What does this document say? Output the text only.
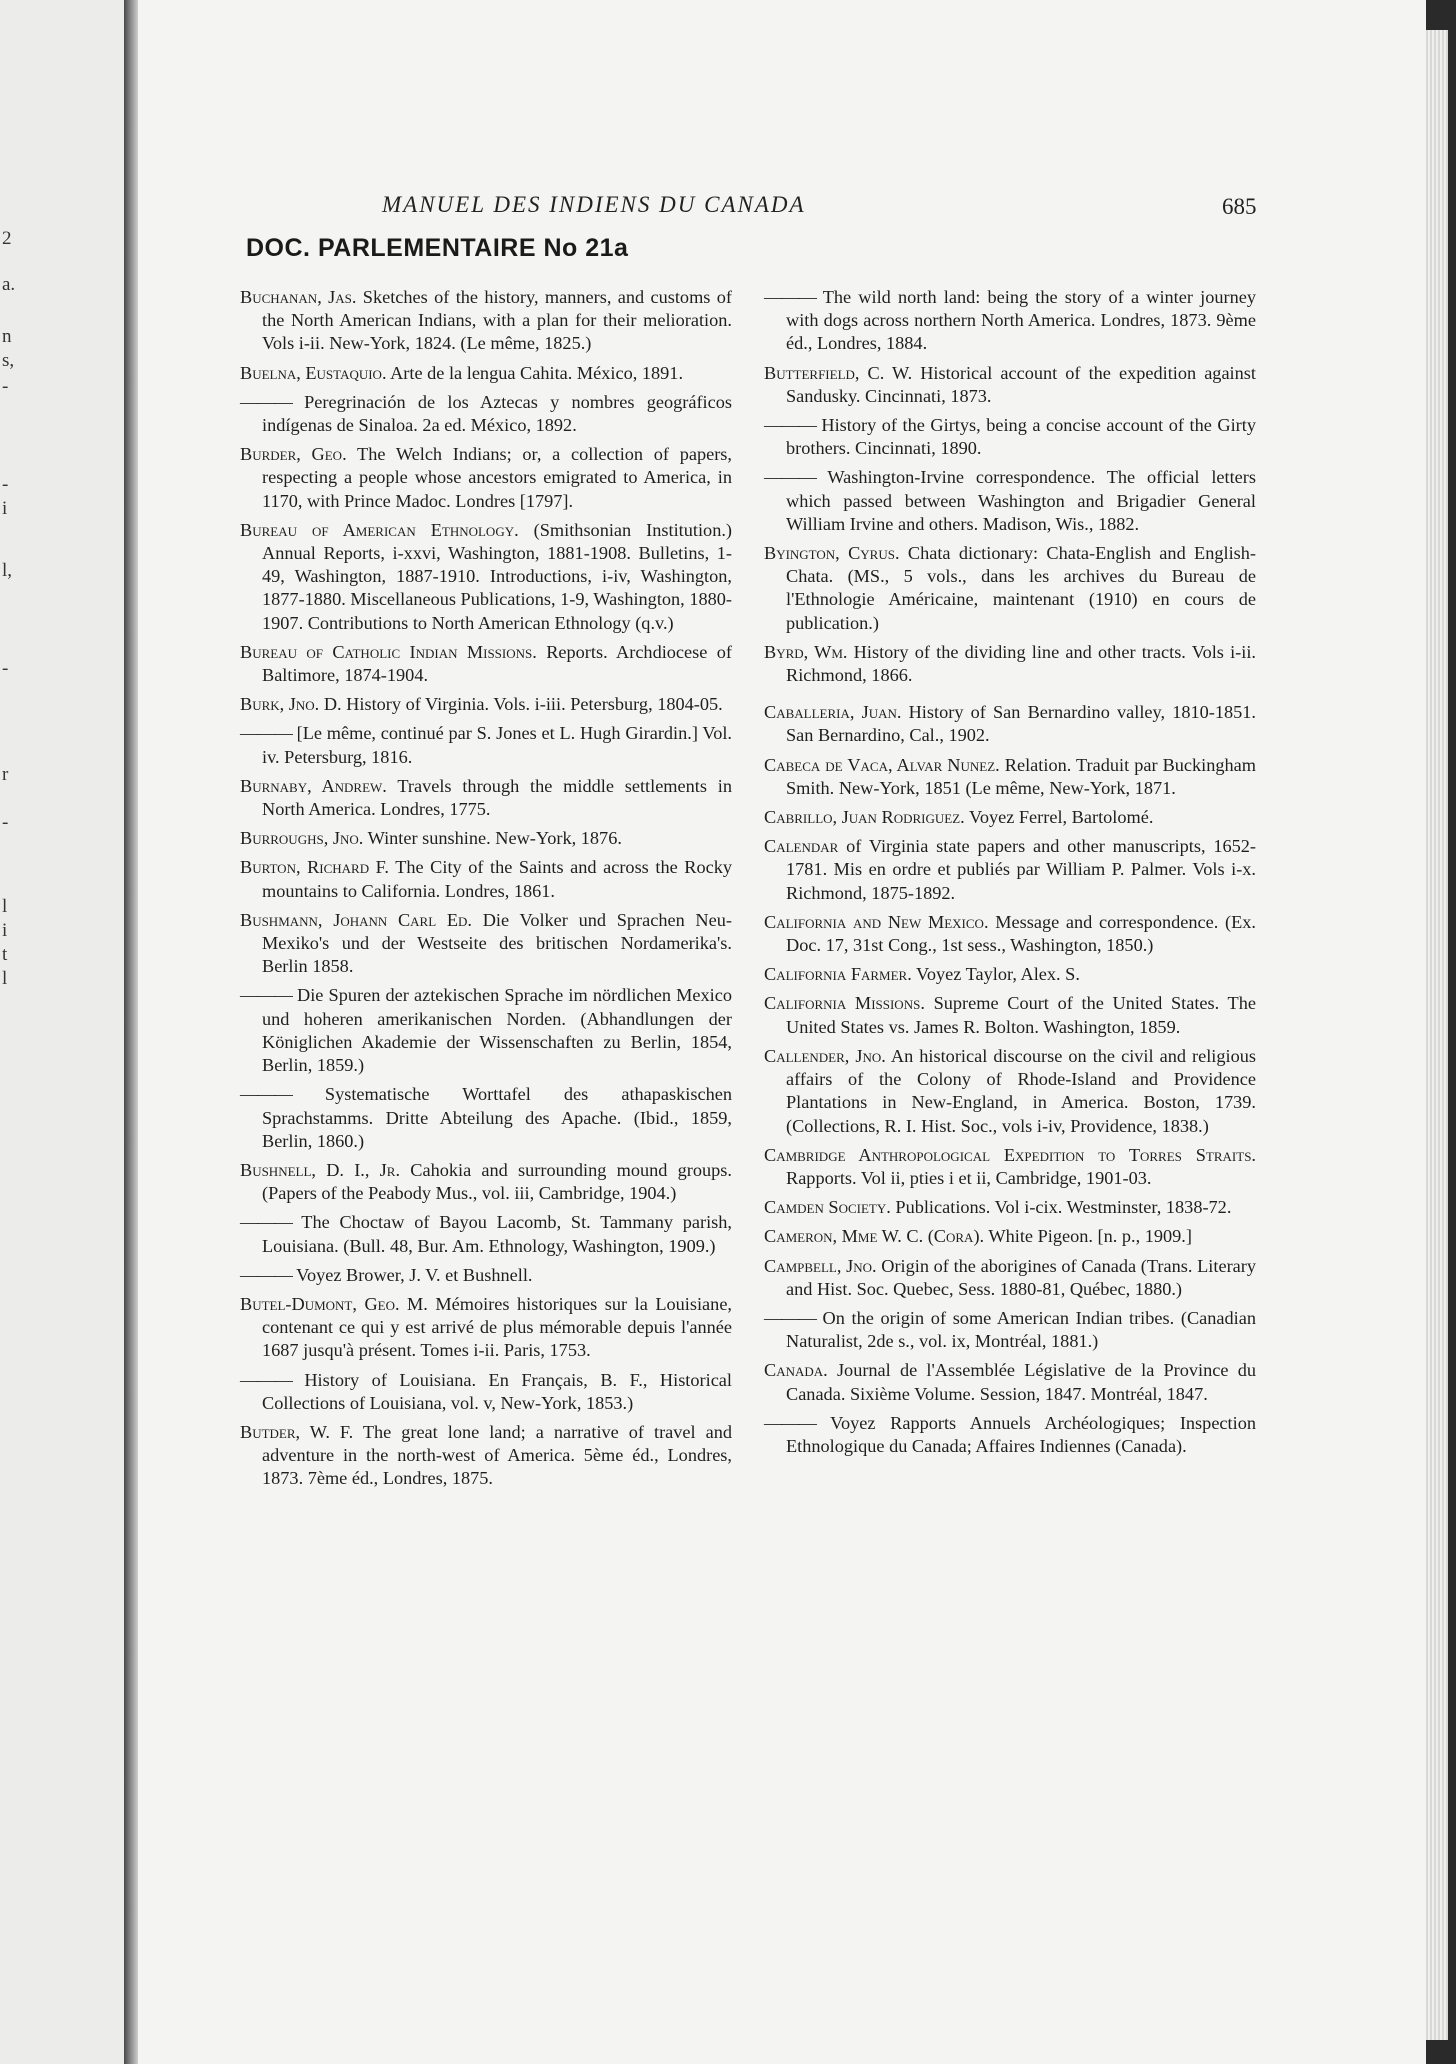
2
a.
n
s,
-
-
i
l,
-
r
-
l
i
t
l
MANUEL DES INDIENS DU CANADA	685
DOC. PARLEMENTAIRE No 21a

Buchanan, Jas. Sketches of the history, manners, and customs of the North American Indians, with a plan for their melioration. Vols i-ii. New-York, 1824. (Le même, 1825.)

Buelna, Eustaquio. Arte de la lengua Cahita. México, 1891.

——— Peregrinación de los Aztecas y nombres geográficos indígenas de Sinaloa. 2a ed. México, 1892.

Burder, Geo. The Welch Indians; or, a collection of papers, respecting a people whose ancestors emigrated to America, in 1170, with Prince Madoc. Londres [1797].

Bureau of American Ethnology. (Smithsonian Institution.) Annual Reports, i-xxvi, Washington, 1881-1908. Bulletins, 1-49, Washington, 1887-1910. Introductions, i-iv, Washington, 1877-1880. Miscellaneous Publications, 1-9, Washington, 1880-1907. Contributions to North American Ethnology (q.v.)

Bureau of Catholic Indian Missions. Reports. Archdiocese of Baltimore, 1874-1904.

Burk, Jno. D. History of Virginia. Vols. i-iii. Petersburg, 1804-05.

——— [Le même, continué par S. Jones et L. Hugh Girardin.] Vol. iv. Petersburg, 1816.

Burnaby, Andrew. Travels through the middle settlements in North America. Londres, 1775.

Burroughs, Jno. Winter sunshine. New-York, 1876.

Burton, Richard F. The City of the Saints and across the Rocky mountains to California. Londres, 1861.

Bushmann, Johann Carl Ed. Die Volker und Sprachen Neu-Mexiko's und der Westseite des britischen Nordamerika's. Berlin 1858.

——— Die Spuren der aztekischen Sprache im nördlichen Mexico und hoheren amerikanischen Norden. (Abhandlungen der Königlichen Akademie der Wissenschaften zu Berlin, 1854, Berlin, 1859.)

——— Systematische Worttafel des athapaskischen Sprachstamms. Dritte Abteilung des Apache. (Ibid., 1859, Berlin, 1860.)

Bushnell, D. I., Jr. Cahokia and surrounding mound groups. (Papers of the Peabody Mus., vol. iii, Cambridge, 1904.)

——— The Choctaw of Bayou Lacomb, St. Tammany parish, Louisiana. (Bull. 48, Bur. Am. Ethnology, Washington, 1909.)

——— Voyez Brower, J. V. et Bushnell.

Butel-Dumont, Geo. M. Mémoires historiques sur la Louisiane, contenant ce qui y est arrivé de plus mémorable depuis l'année 1687 jusqu'à présent. Tomes i-ii. Paris, 1753.

——— History of Louisiana. En Français, B. F., Historical Collections of Louisiana, vol. v, New-York, 1853.)

Butder, W. F. The great lone land; a narrative of travel and adventure in the north-west of America. 5ème éd., Londres, 1873. 7ème éd., Londres, 1875.

——— The wild north land: being the story of a winter journey with dogs across northern North America. Londres, 1873. 9ème éd., Londres, 1884.

Butterfield, C. W. Historical account of the expedition against Sandusky. Cincinnati, 1873.

——— History of the Girtys, being a concise account of the Girty brothers. Cincinnati, 1890.

——— Washington-Irvine correspondence. The official letters which passed between Washington and Brigadier General William Irvine and others. Madison, Wis., 1882.

Byington, Cyrus. Chata dictionary: Chata-English and English-Chata. (MS., 5 vols., dans les archives du Bureau de l'Ethnologie Américaine, maintenant (1910) en cours de publication.)

Byrd, Wm. History of the dividing line and other tracts. Vols i-ii. Richmond, 1866.

Caballeria, Juan. History of San Bernardino valley, 1810-1851. San Bernardino, Cal., 1902.

Cabeca de Vaca, Alvar Nunez. Relation. Traduit par Buckingham Smith. New-York, 1851 (Le même, New-York, 1871.

Cabrillo, Juan Rodriguez. Voyez Ferrel, Bartolomé.

Calendar of Virginia state papers and other manuscripts, 1652-1781. Mis en ordre et publiés par William P. Palmer. Vols i-x. Richmond, 1875-1892.

California and New Mexico. Message and correspondence. (Ex. Doc. 17, 31st Cong., 1st sess., Washington, 1850.)

California Farmer. Voyez Taylor, Alex. S.

California Missions. Supreme Court of the United States. The United States vs. James R. Bolton. Washington, 1859.

Callender, Jno. An historical discourse on the civil and religious affairs of the Colony of Rhode-Island and Providence Plantations in New-England, in America. Boston, 1739. (Collections, R. I. Hist. Soc., vols i-iv, Providence, 1838.)

Cambridge Anthropological Expedition to Torres Straits. Rapports. Vol ii, pties i et ii, Cambridge, 1901-03.

Camden Society. Publications. Vol i-cix. Westminster, 1838-72.

Cameron, Mme W. C. (Cora). White Pigeon. [n. p., 1909.]

Campbell, Jno. Origin of the aborigines of Canada (Trans. Literary and Hist. Soc. Quebec, Sess. 1880-81, Québec, 1880.)

——— On the origin of some American Indian tribes. (Canadian Naturalist, 2de s., vol. ix, Montréal, 1881.)

Canada. Journal de l'Assemblée Législative de la Province du Canada. Sixième Volume. Session, 1847. Montréal, 1847.

——— Voyez Rapports Annuels Archéologiques; Inspection Ethnologique du Canada; Affaires Indiennes (Canada).
